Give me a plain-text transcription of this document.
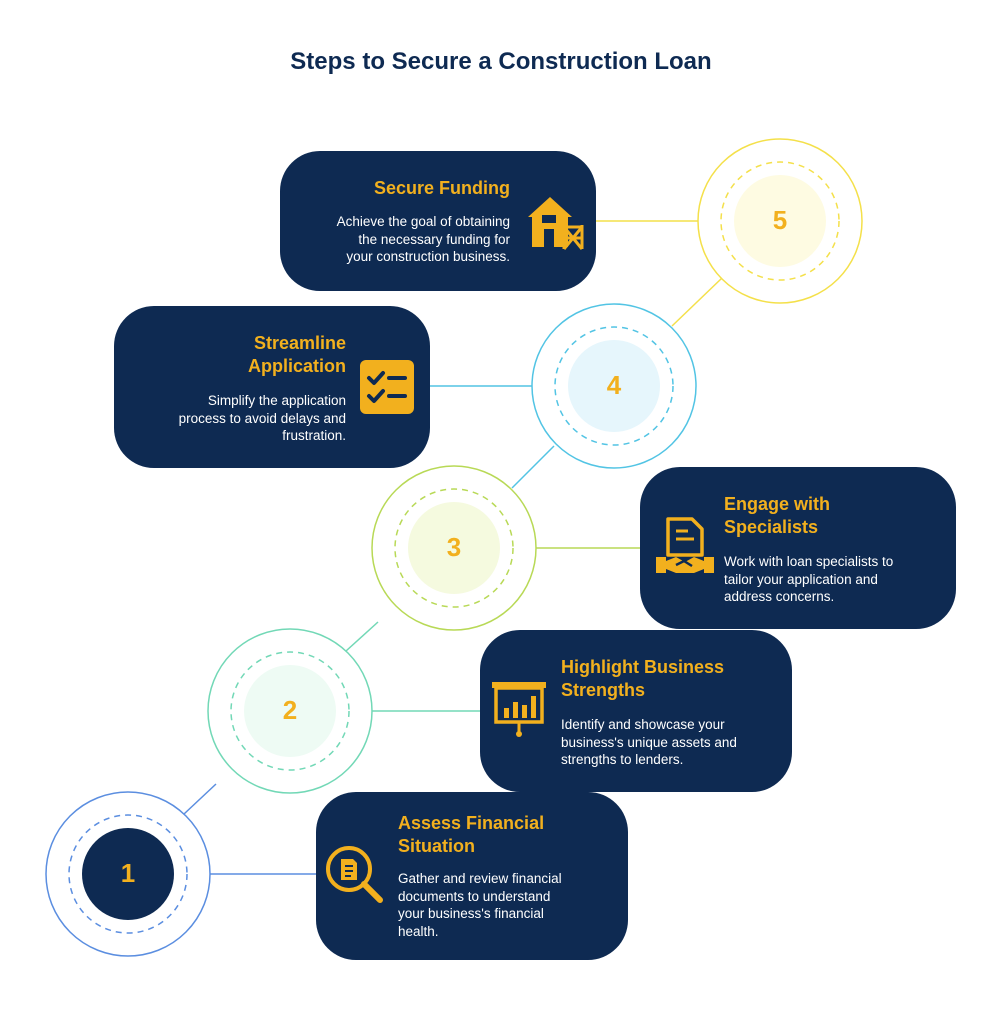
Steps to Secure a Construction Loan
1
2
3
4
5

Secure Funding

Achieve the goal of obtaining
the necessary funding for
your construction business.

Streamline
Application

Simplify the application
process to avoid delays and
frustration.

Engage with
Specialists

Work with loan specialists to
tailor your application and
address concerns.

Highlight Business
Strengths

Identify and showcase your
business's unique assets and
strengths to lenders.

Assess Financial
Situation

Gather and review financial
documents to understand
your business's financial
health.
